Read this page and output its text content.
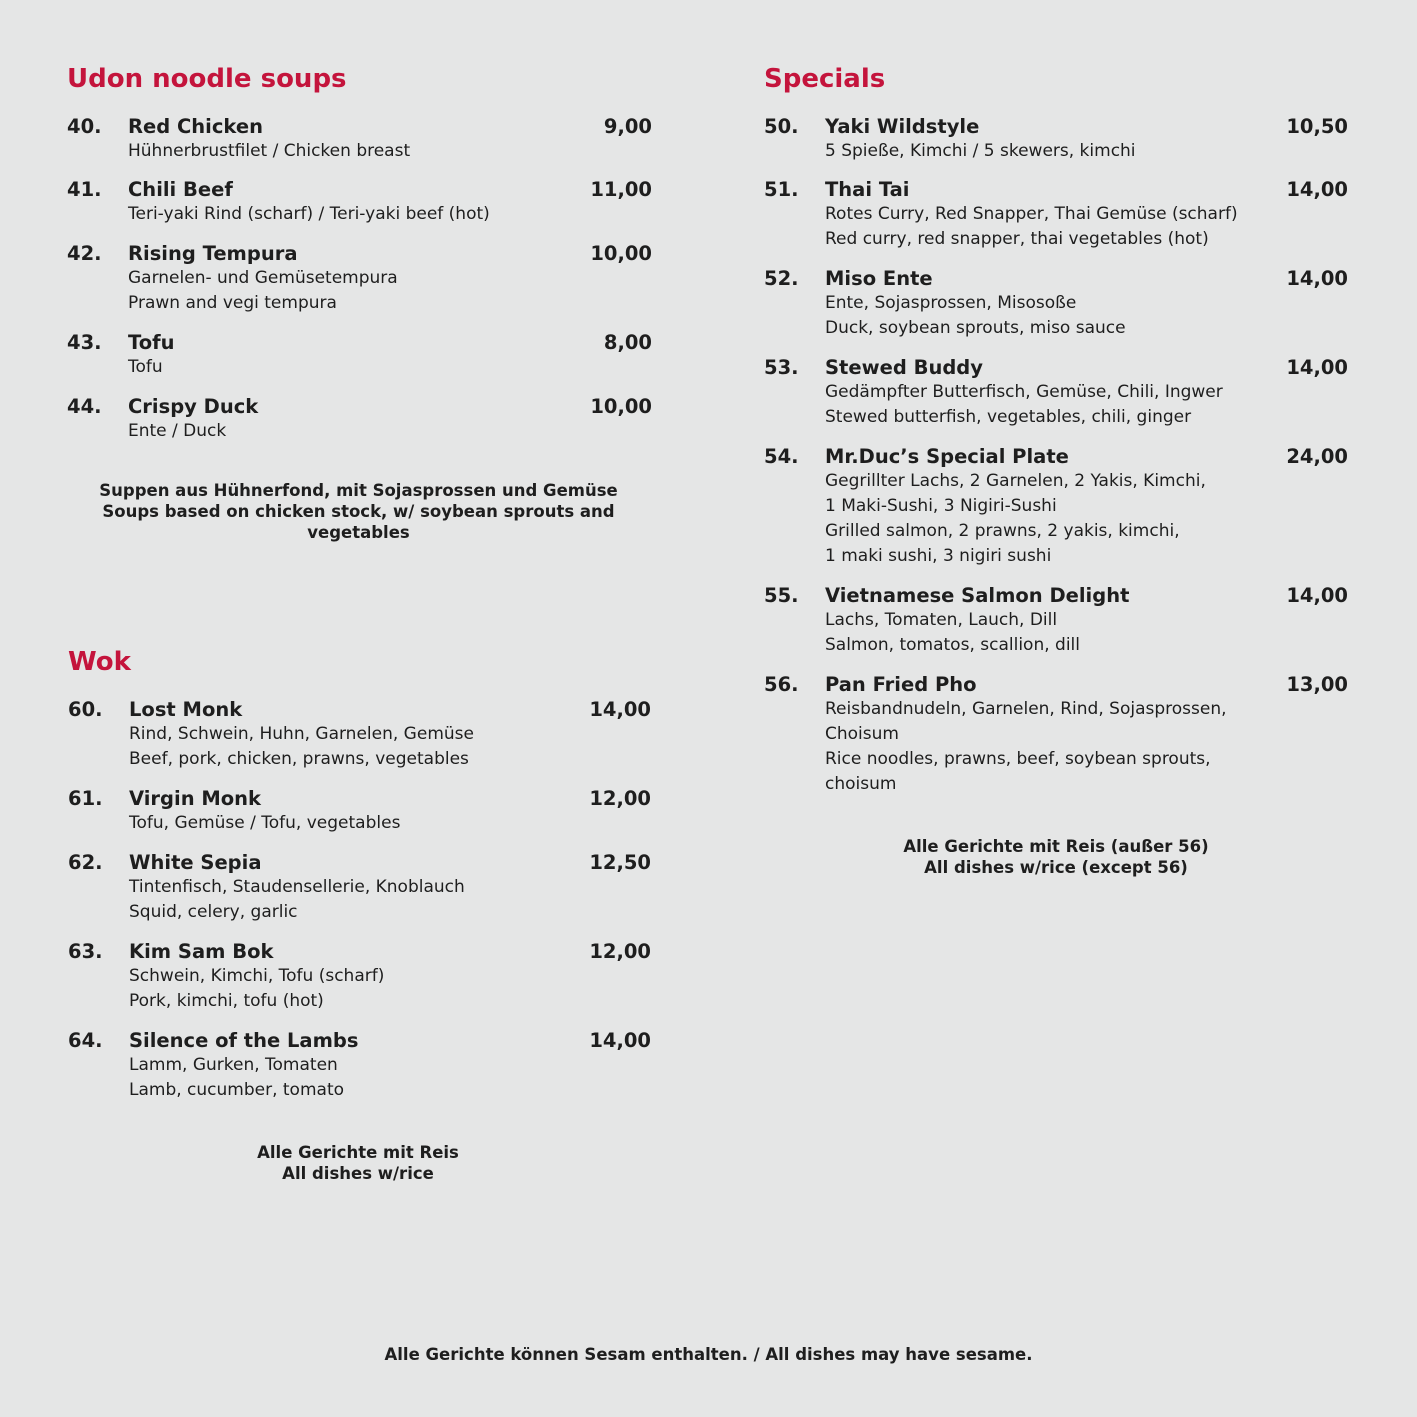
Udon noodle soups
40. Red Chicken	9,00
Hühnerbrustfilet / Chicken breast
41. Chili Beef	11,00
Teri-yaki Rind (scharf) / Teri-yaki beef (hot)
42. Rising Tempura	10,00
Garnelen- und Gemüsetempura
Prawn and vegi tempura
43. Tofu	8,00
Tofu
44. Crispy Duck	10,00
Ente / Duck
Suppen aus Hühnerfond, mit Sojasprossen und Gemüse
Soups based on chicken stock, w/ soybean sprouts and
vegetables
Wok
60. Lost Monk	14,00
Rind, Schwein, Huhn, Garnelen, Gemüse
Beef, pork, chicken, prawns, vegetables
61. Virgin Monk	12,00
Tofu, Gemüse / Tofu, vegetables
62. White Sepia	12,50
Tintenfisch, Staudensellerie, Knoblauch
Squid, celery, garlic
63. Kim Sam Bok	12,00
Schwein, Kimchi, Tofu (scharf)
Pork, kimchi, tofu (hot)
64. Silence of the Lambs	14,00
Lamm, Gurken, Tomaten
Lamb, cucumber, tomato
Alle Gerichte mit Reis
All dishes w/rice
Specials
50. Yaki Wildstyle	10,50
5 Spieße, Kimchi / 5 skewers, kimchi
51. Thai Tai	14,00
Rotes Curry, Red Snapper, Thai Gemüse (scharf)
Red curry, red snapper, thai vegetables (hot)
52. Miso Ente	14,00
Ente, Sojasprossen, Misosoße
Duck, soybean sprouts, miso sauce
53. Stewed Buddy	14,00
Gedämpfter Butterfisch, Gemüse, Chili, Ingwer
Stewed butterfish, vegetables, chili, ginger
54. Mr.Duc’s Special Plate	24,00
Gegrillter Lachs, 2 Garnelen, 2 Yakis, Kimchi,
1 Maki-Sushi, 3 Nigiri-Sushi
Grilled salmon, 2 prawns, 2 yakis, kimchi,
1 maki sushi, 3 nigiri sushi
55. Vietnamese Salmon Delight	14,00
Lachs, Tomaten, Lauch, Dill
Salmon, tomatos, scallion, dill
56. Pan Fried Pho	13,00
Reisbandnudeln, Garnelen, Rind, Sojasprossen,
Choisum
Rice noodles, prawns, beef, soybean sprouts,
choisum
Alle Gerichte mit Reis (außer 56)
All dishes w/rice (except 56)
Alle Gerichte können Sesam enthalten. / All dishes may have sesame.
